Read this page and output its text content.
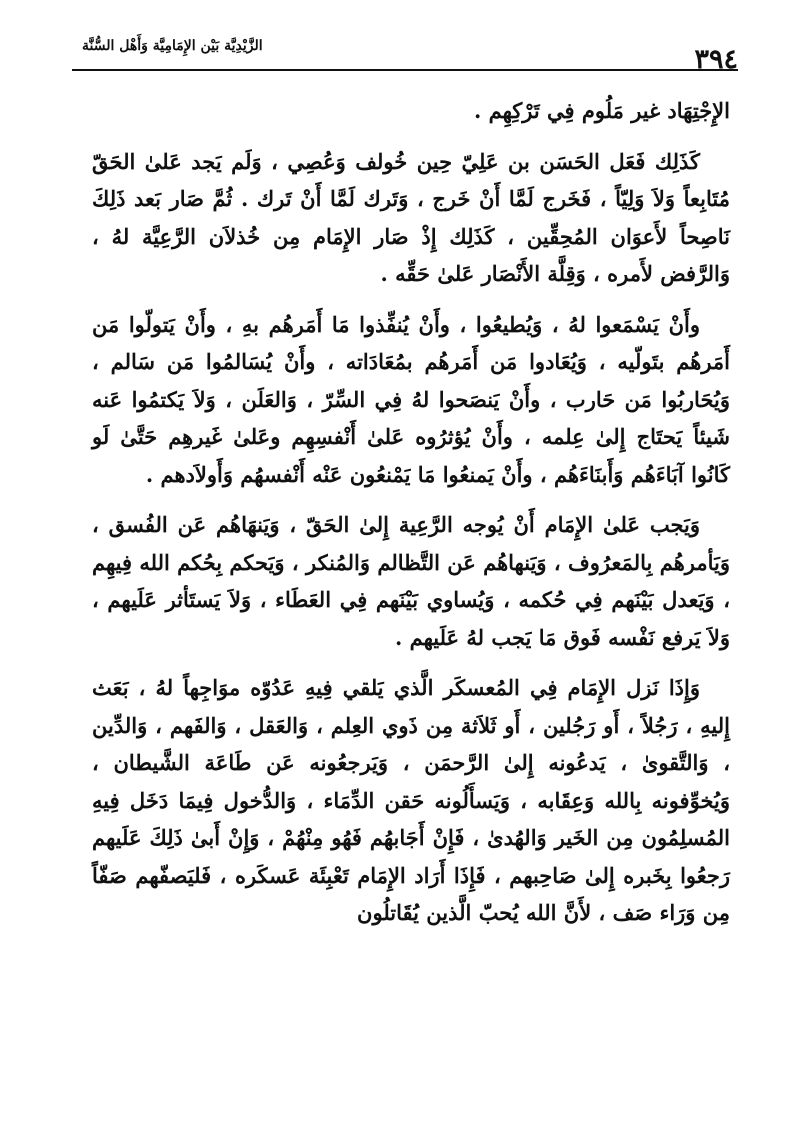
٣٩٤
الزَّيْدِيَّة بَيْن الإِمَامِيَّة وَأَهْل السُّنَّة

الإِجْتِهَاد غير مَلُوم فِي تَرْكِهِم .

كَذَلِك فَعَل الحَسَن بن عَلِيّ حِين خُولف وَعُصِي ، وَلَم يَجد عَلىٰ الحَقّ مُتَابِعاً وَلاَ وَلِيّاً ، فَخَرج لَمَّا أَنْ خَرج ، وَتَرك لَمَّا أَنْ تَرك . ثُمَّ صَار بَعد ذَلِكَ نَاصِحاً لأَعوَان المُحِقِّين ، كَذَلِك إِذْ صَار الإِمَام مِن خُذلاَن الرَّعِيَّة لهُ ، وَالرَّفض لأَمره ، وَقِلَّة الأَنْصَار عَلىٰ حَقِّه .

وأَنْ يَسْمَعوا لهُ ، وَيُطيعُوا ، وأَنْ يُنفِّذوا مَا أَمَرهُم بهِ ، وأَنْ يَتولّوا مَن أَمَرهُم بتَولّيه ، وَيُعَادوا مَن أَمَرهُم بمُعَادَاته ، وأَنْ يُسَالمُوا مَن سَالم ، وَيُحَاربُوا مَن حَارب ، وأَنْ يَنصَحوا لهُ فِي السِّرّ ، وَالعَلَن ، وَلاَ يَكتمُوا عَنه شَيئاً يَحتَاج إِلىٰ عِلمه ، وأَنْ يُؤثرُوه عَلىٰ أَنْفسِهِم وعَلىٰ غَيرهِم حَتَّىٰ لَو كَانُوا آبَاءَهُم وَأَبنَاءَهُم ، وأَنْ يَمنعُوا مَا يَمْنعُون عَنْه أَنْفسهُم وَأَولاَدهم .

وَيَجب عَلىٰ الإِمَام أَنْ يُوجه الرَّعِية إِلىٰ الحَقّ ، وَيَنهَاهُم عَن الفُسق ، وَيَأمرهُم بِالمَعرُوف ، وَيَنهاهُم عَن التَّظالم وَالمُنكر ، وَيَحكم بِحُكم الله فِيهِم ، وَيَعدل بَيْنَهم فِي حُكمه ، وَيُساوي بَيْنَهم فِي العَطَاء ، وَلاَ يَستَأثر عَلَيهم ، وَلاَ يَرفع نَفْسه فَوق مَا يَجب لهُ عَلَيهم .

وَإِذَا نَزل الإِمَام فِي المُعسكَر الَّذي يَلقي فِيهِ عَدُوّه موَاجِهاً لهُ ، بَعَث إِليهِ ، رَجُلاً ، أَو رَجُلين ، أَو ثَلاَثة مِن ذَوي العِلم ، وَالعَقل ، وَالفَهم ، وَالدِّين ، وَالتَّقوىٰ ، يَدعُونه إِلىٰ الرَّحمَن ، وَيَرجعُونه عَن طَاعَة الشَّيطان ، وَيُخوِّفونه بِالله وَعِقَابه ، وَيَسأَلُونه حَقن الدِّمَاء ، وَالدُّخول فِيمَا دَخَل فِيهِ المُسلِمُون مِن الخَير وَالهُدىٰ ، فَإِنْ أَجَابهُم فَهُو مِنْهُمْ ، وَإِنْ أَبىٰ ذَلِكَ عَلَيهم رَجعُوا بِخَبره إِلىٰ صَاحِبهم ، فَإِذَا أَرَاد الإِمَام تَعْبِئَة عَسكَره ، فَليَصفّهم صَفّاً مِن وَرَاء صَف ، لأَنَّ الله يُحبّ الَّذين يُقَاتلُون
